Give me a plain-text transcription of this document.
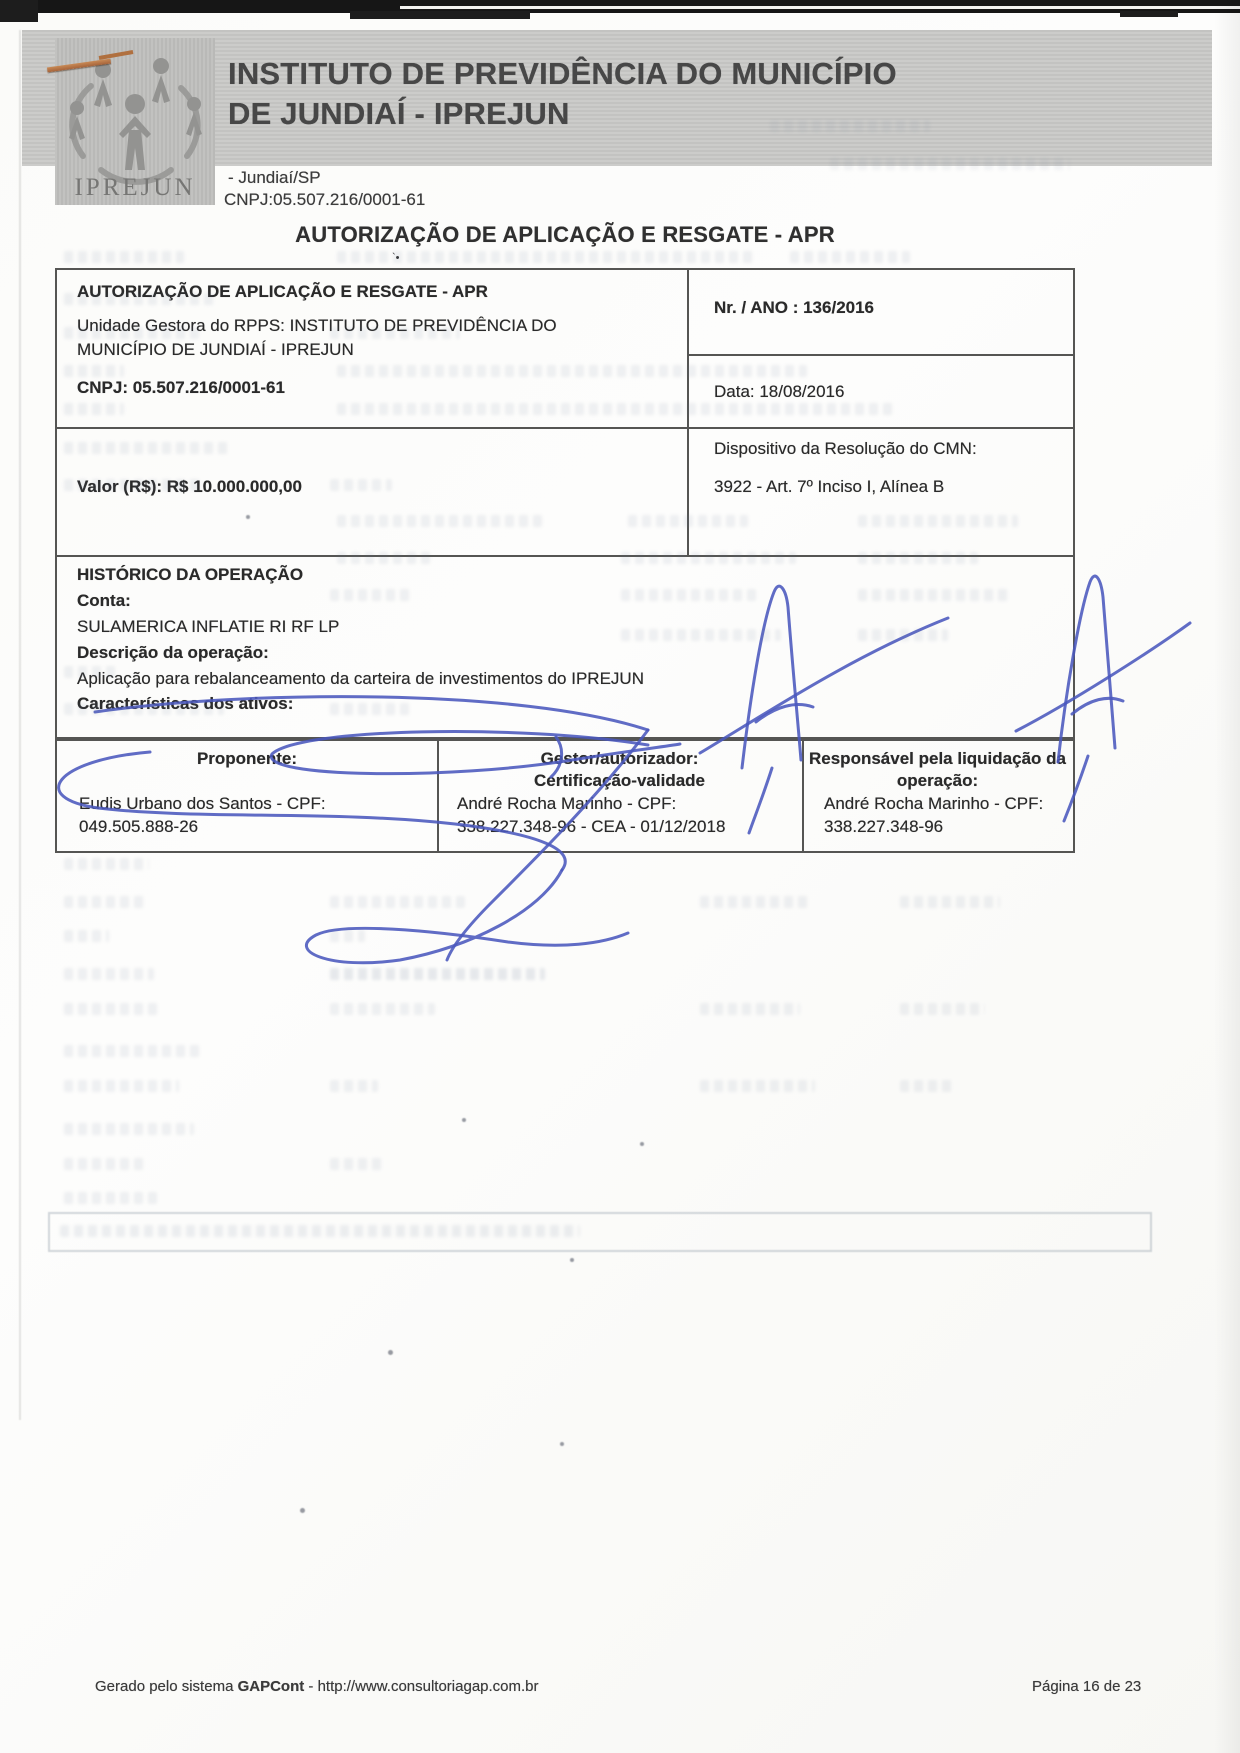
IPREJUN
INSTITUTO DE PREVIDÊNCIA DO MUNICÍPIO
DE JUNDIAÍ - IPREJUN
- Jundiaí/SP
CNPJ:05.507.216/0001-61
AUTORIZAÇÃO DE APLICAÇÃO E RESGATE - APR
`•
AUTORIZAÇÃO DE APLICAÇÃO E RESGATE - APR
Unidade Gestora do RPPS: INSTITUTO DE PREVIDÊNCIA DO MUNICÍPIO DE JUNDIAÍ - IPREJUN
CNPJ: 05.507.216/0001-61
Nr. / ANO : 136/2016
Data: 18/08/2016
Valor (R$): R$ 10.000.000,00
Dispositivo da Resolução do CMN:
3922 - Art. 7º Inciso I, Alínea B
HISTÓRICO DA OPERAÇÃO
Conta:
SULAMERICA INFLATIE RI RF LP
Descrição da operação:
Aplicação para rebalanceamento da carteira de investimentos do IPREJUN
Características dos ativos:
Proponente:
Eudis Urbano dos Santos - CPF:
049.505.888-26
Gestor/autorizador:
Certificação-validade
André Rocha Marinho - CPF:
338.227.348-96 - CEA - 01/12/2018
Responsável pela liquidação da
operação:
André Rocha Marinho - CPF:
338.227.348-96
Gerado pelo sistema GAPCont - http://www.consultoriagap.com.br	Página 16 de 23
